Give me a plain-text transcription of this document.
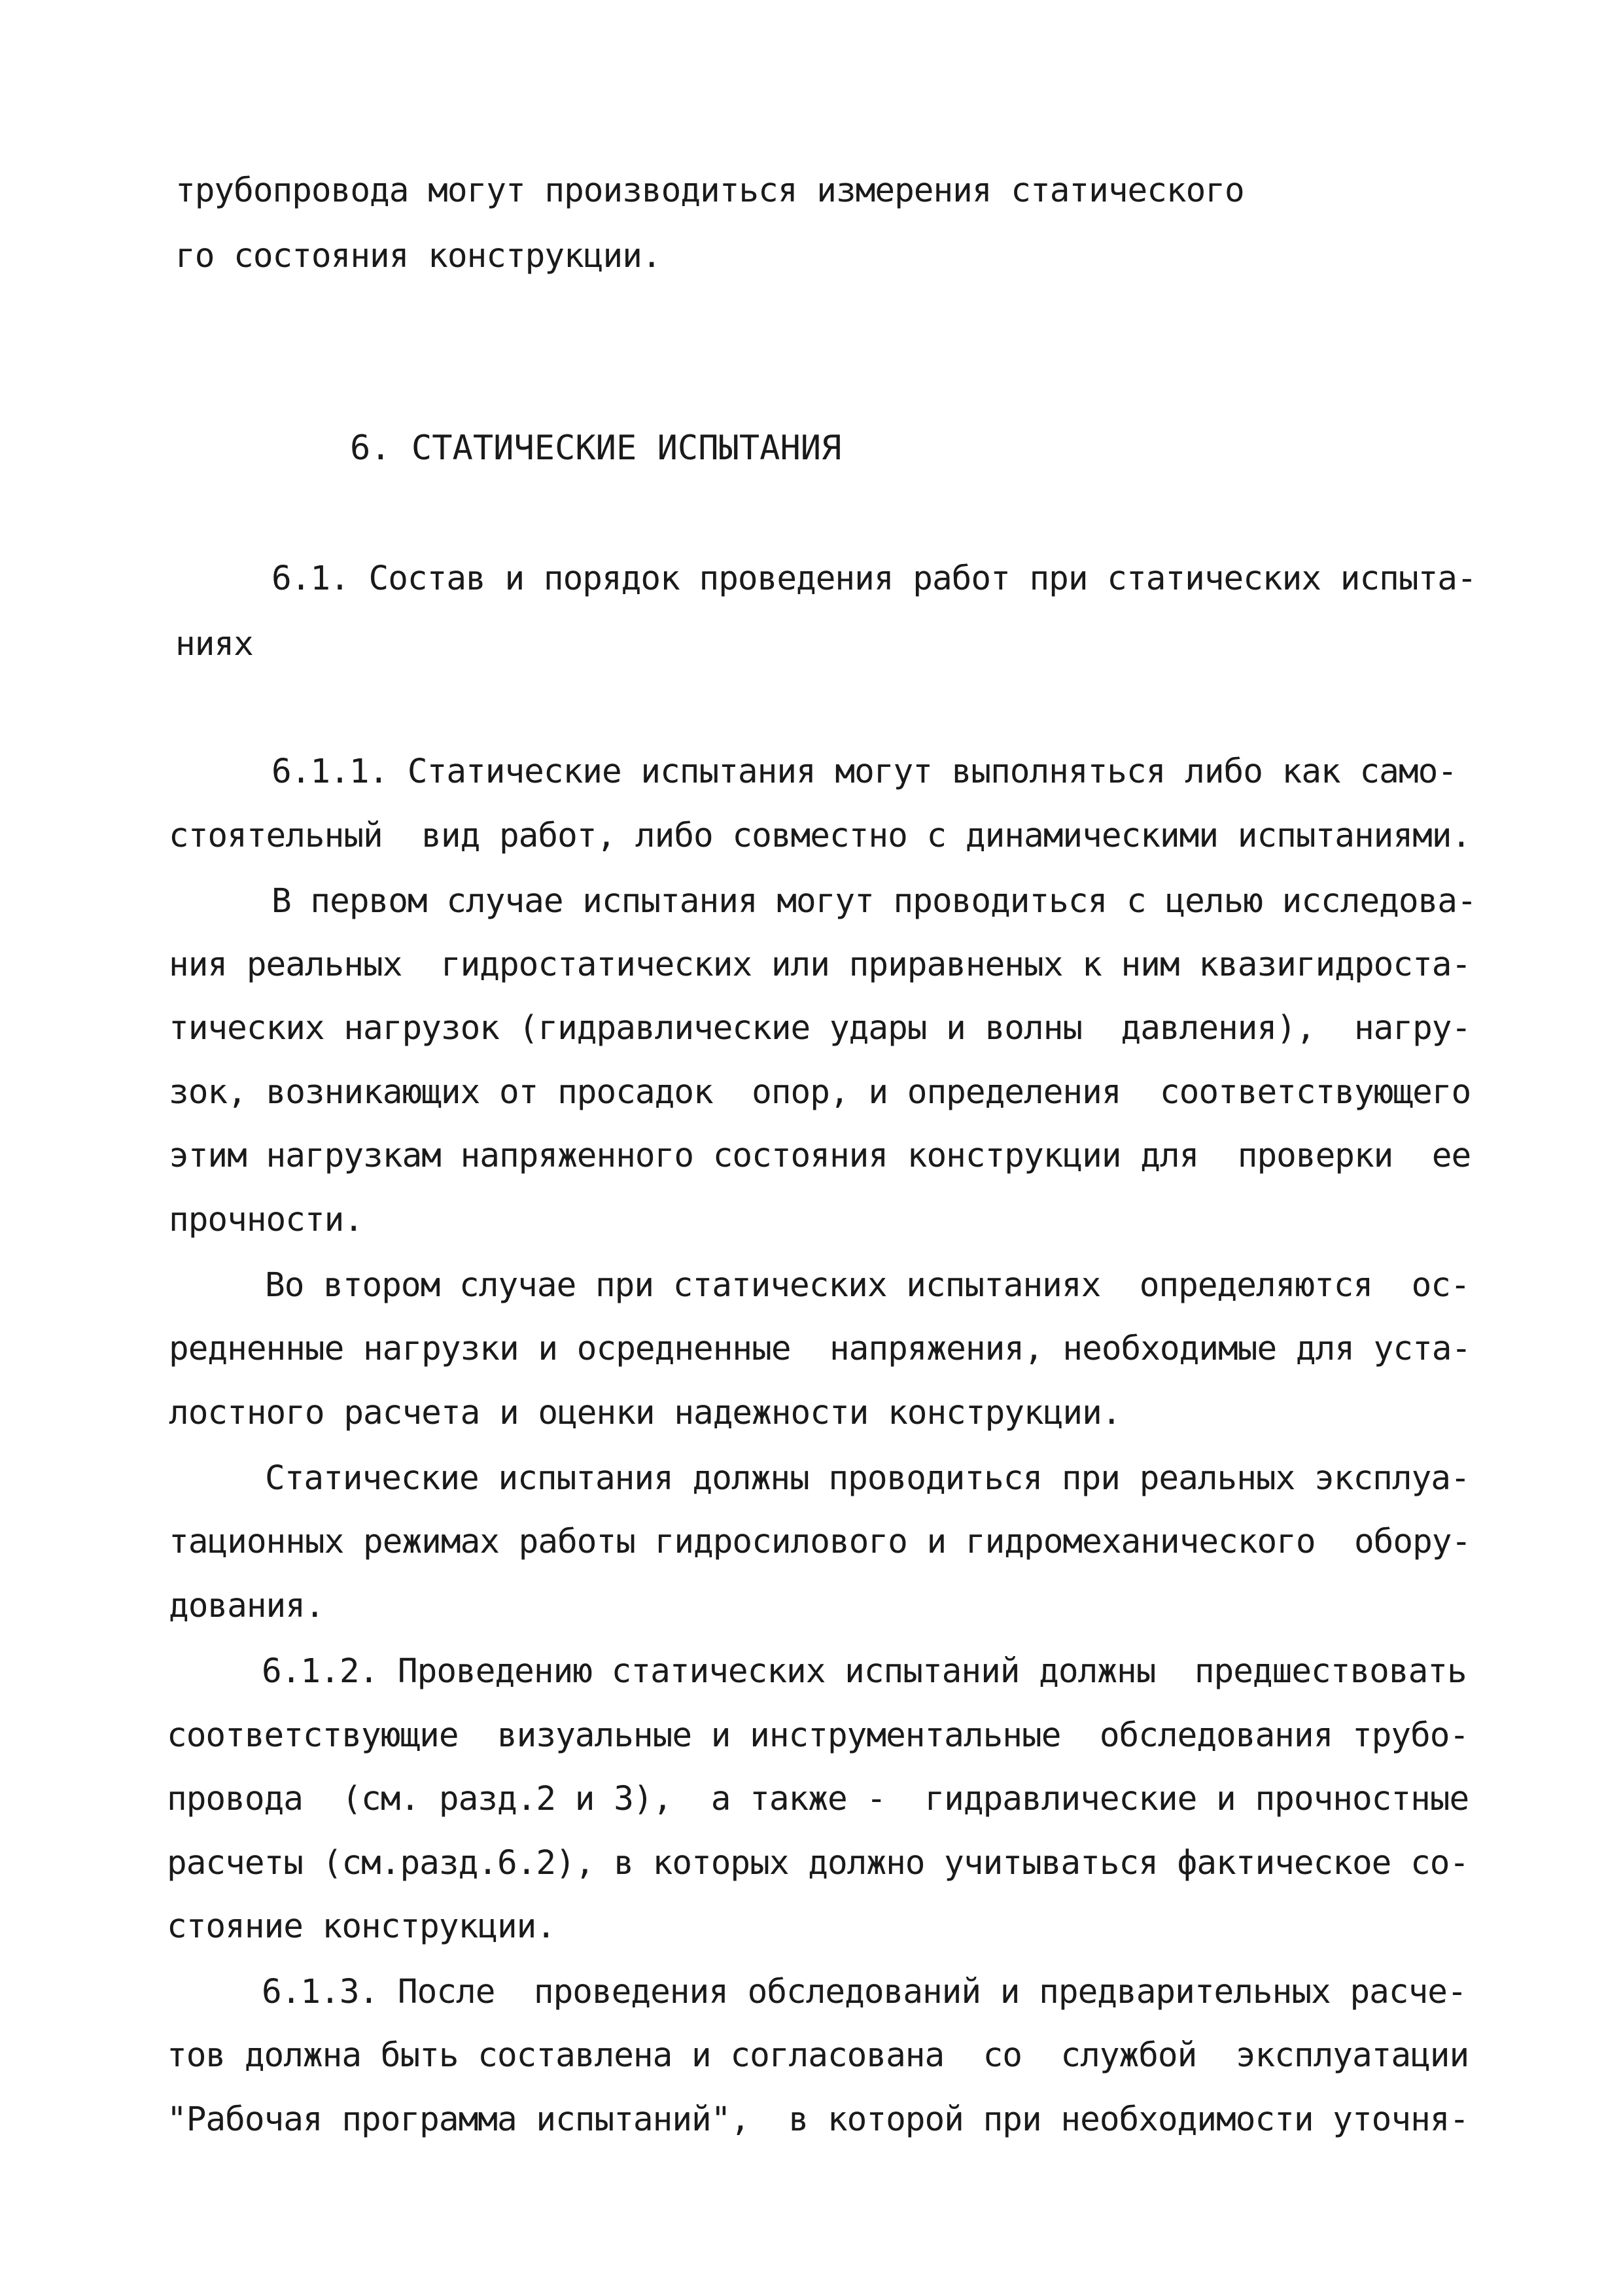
трубопровода могут производиться измерения статического
го состояния конструкции.
6. СТАТИЧЕСКИЕ ИСПЫТАНИЯ
6.1. Состав и порядок проведения работ при статических испыта-
ниях
6.1.1. Статические испытания могут выполняться либо как само-
стоятельный  вид работ, либо совместно с динамическими испытаниями.
В первом случае испытания могут проводиться с целью исследова-
ния реальных  гидростатических или приравненых к ним квазигидроста-
тических нагрузок (гидравлические удары и волны  давления),  нагру-
зок, возникающих от просадок  опор, и определения  соответствующего
этим нагрузкам напряженного состояния конструкции для  проверки  ее
прочности.
Во втором случае при статических испытаниях  определяются  ос-
редненные нагрузки и осредненные  напряжения, необходимые для уста-
лостного расчета и оценки надежности конструкции.
Статические испытания должны проводиться при реальных эксплуа-
тационных режимах работы гидросилового и гидромеханического  обору-
дования.
6.1.2. Проведению статических испытаний должны  предшествовать
соответствующие  визуальные и инструментальные  обследования трубо-
провода  (см. разд.2 и 3),  а также -  гидравлические и прочностные
расчеты (см.разд.6.2), в которых должно учитываться фактическое со-
стояние конструкции.
6.1.3. После  проведения обследований и предварительных расче-
тов должна быть составлена и согласована  со  службой  эксплуатации
"Рабочая программа испытаний",  в которой при необходимости уточня-
